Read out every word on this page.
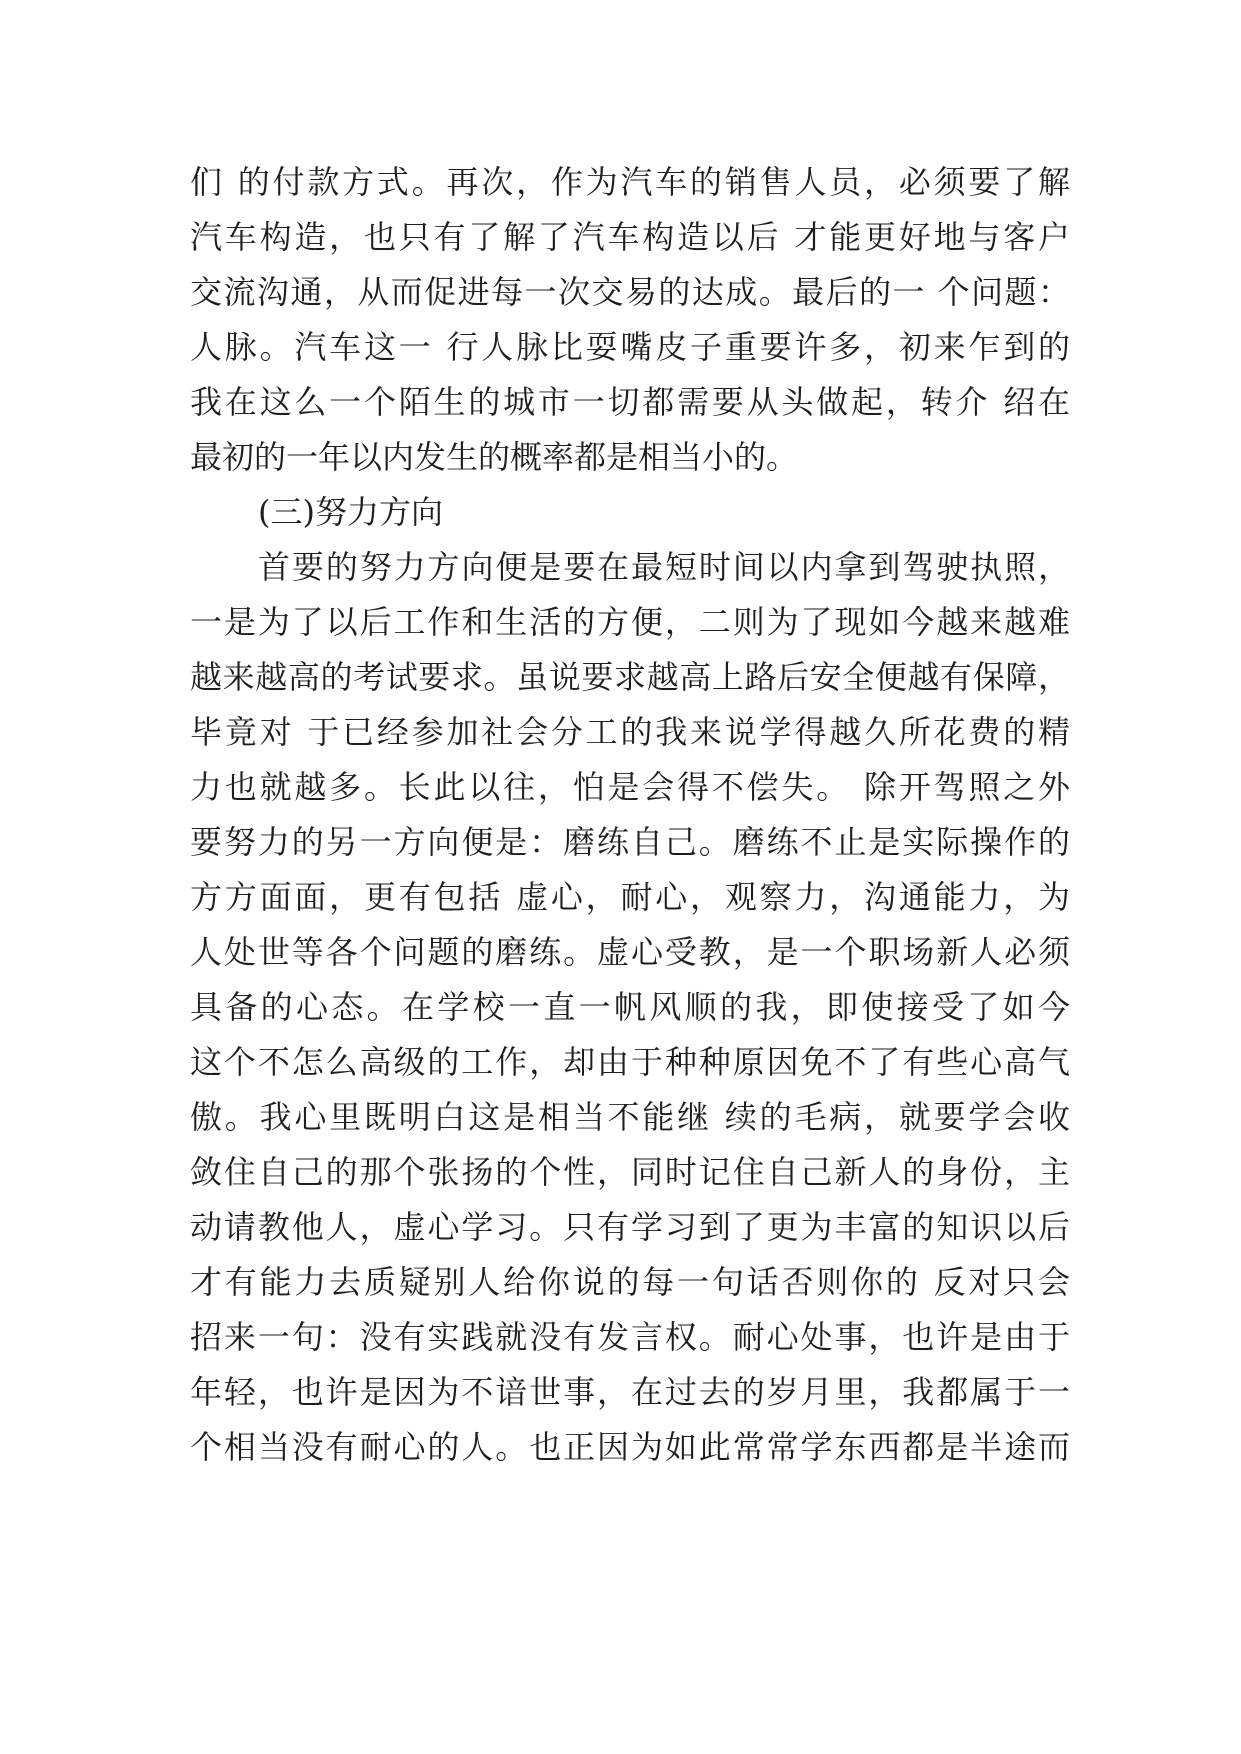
们 的付款方式。再次，作为汽车的销售人员，必须要了解
汽车构造，也只有了解了汽车构造以后 才能更好地与客户
交流沟通，从而促进每一次交易的达成。最后的一 个问题：
人脉。汽车这一 行人脉比耍嘴皮子重要许多，初来乍到的
我在这么一个陌生的城市一切都需要从头做起，转介 绍在
最初的一年以内发生的概率都是相当小的。
(三)努力方向
首要的努力方向便是要在最短时间以内拿到驾驶执照，
一是为了以后工作和生活的方便，二则为了现如今越来越难
越来越高的考试要求。虽说要求越高上路后安全便越有保障，
毕竟对 于已经参加社会分工的我来说学得越久所花费的精
力也就越多。长此以往，怕是会得不偿失。 除开驾照之外
要努力的另一方向便是：磨练自己。磨练不止是实际操作的
方方面面，更有包括 虚心，耐心，观察力，沟通能力，为
人处世等各个问题的磨练。虚心受教，是一个职场新人必须
具备的心态。在学校一直一帆风顺的我，即使接受了如今
这个不怎么高级的工作，却由于种种原因免不了有些心高气
傲。我心里既明白这是相当不能继 续的毛病，就要学会收
敛住自己的那个张扬的个性，同时记住自己新人的身份，主
动请教他人，虚心学习。只有学习到了更为丰富的知识以后
才有能力去质疑别人给你说的每一句话否则你的 反对只会
招来一句：没有实践就没有发言权。耐心处事，也许是由于
年轻，也许是因为不谙世事，在过去的岁月里，我都属于一
个相当没有耐心的人。也正因为如此常常学东西都是半途而
